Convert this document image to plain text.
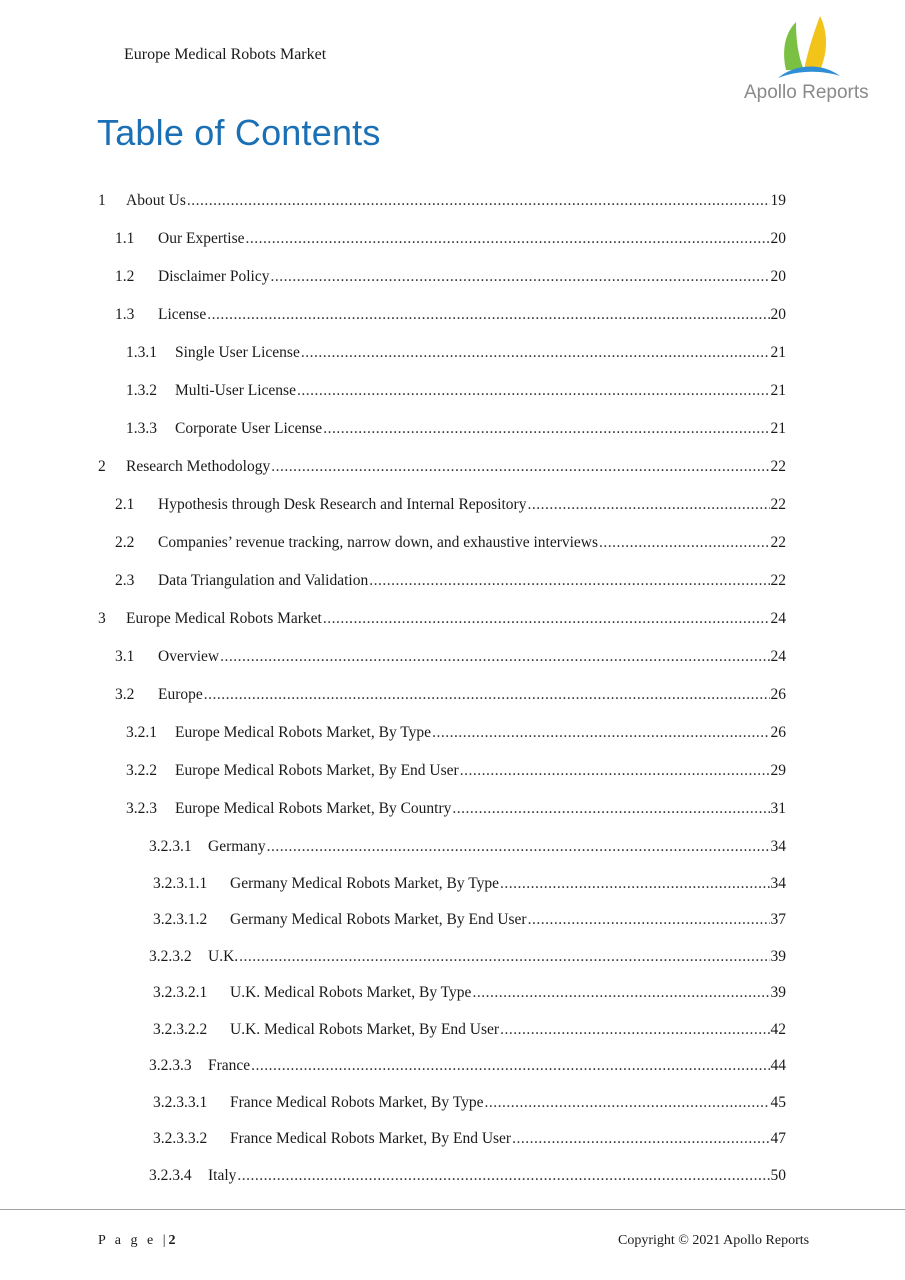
Europe Medical Robots Market
Apollo Reports
Table of Contents
1	About Us .....	19
1.1	Our Expertise .....	20
1.2	Disclaimer Policy .....	20
1.3	License .....	20
1.3.1	Single User License .....	21
1.3.2	Multi-User License .....	21
1.3.3	Corporate User License .....	21
2	Research Methodology .....	22
2.1	Hypothesis through Desk Research and Internal Repository .....	22
2.2	Companies’ revenue tracking, narrow down, and exhaustive interviews .....	22
2.3	Data Triangulation and Validation .....	22
3	Europe Medical Robots Market .....	24
3.1	Overview .....	24
3.2	Europe .....	26
3.2.1	Europe Medical Robots Market, By Type .....	26
3.2.2	Europe Medical Robots Market, By End User .....	29
3.2.3	Europe Medical Robots Market, By Country .....	31
3.2.3.1	Germany .....	34
3.2.3.1.1	Germany Medical Robots Market, By Type .....	34
3.2.3.1.2	Germany Medical Robots Market, By End User .....	37
3.2.3.2	U.K. .....	39
3.2.3.2.1	U.K. Medical Robots Market, By Type .....	39
3.2.3.2.2	U.K. Medical Robots Market, By End User .....	42
3.2.3.3	France .....	44
3.2.3.3.1	France Medical Robots Market, By Type .....	45
3.2.3.3.2	France Medical Robots Market, By End User .....	47
3.2.3.4	Italy .....	50
P a g e |2	Copyright © 2021 Apollo Reports
